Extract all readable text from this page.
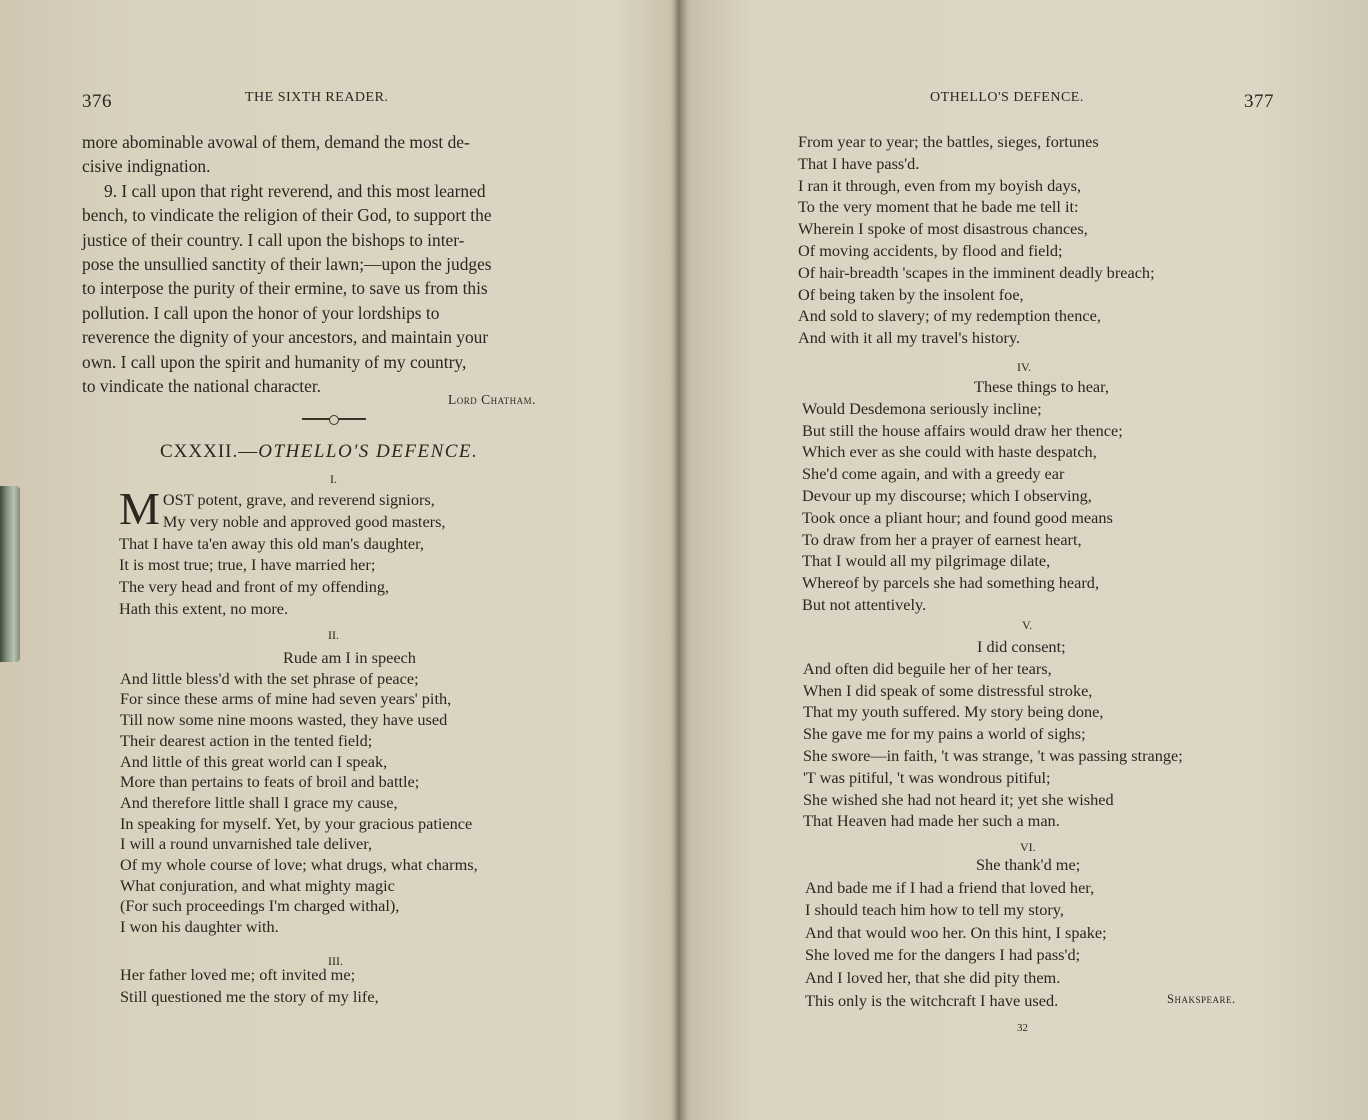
376	THE SIXTH READER.

more abominable avowal of them, demand the most de-

cisive indignation.

9. I call upon that right reverend, and this most learned

bench, to vindicate the religion of their God, to support the

justice of their country. I call upon the bishops to inter-

pose the unsullied sanctity of their lawn;—upon the judges

to interpose the purity of their ermine, to save us from this

pollution. I call upon the honor of your lordships to

reverence the dignity of your ancestors, and maintain your

own. I call upon the spirit and humanity of my country,

to vindicate the national character.

Lord Chatham.
CXXXII.—OTHELLO'S DEFENCE.
I.
M OST potent, grave, and reverend signiors,
My very noble and approved good masters,
That I have ta'en away this old man's daughter,
It is most true; true, I have married her;
The very head and front of my offending,
Hath this extent, no more.
II.
Rude am I in speech
And little bless'd with the set phrase of peace;
For since these arms of mine had seven years' pith,
Till now some nine moons wasted, they have used
Their dearest action in the tented field;
And little of this great world can I speak,
More than pertains to feats of broil and battle;
And therefore little shall I grace my cause,
In speaking for myself. Yet, by your gracious patience
I will a round unvarnished tale deliver,
Of my whole course of love; what drugs, what charms,
What conjuration, and what mighty magic
(For such proceedings I'm charged withal),
I won his daughter with.
III.
Her father loved me; oft invited me;
Still questioned me the story of my life,
OTHELLO'S DEFENCE.	377
From year to year; the battles, sieges, fortunes
That I have pass'd.
I ran it through, even from my boyish days,
To the very moment that he bade me tell it:
Wherein I spoke of most disastrous chances,
Of moving accidents, by flood and field;
Of hair-breadth 'scapes in the imminent deadly breach;
Of being taken by the insolent foe,
And sold to slavery; of my redemption thence,
And with it all my travel's history.
IV.
These things to hear,
Would Desdemona seriously incline;
But still the house affairs would draw her thence;
Which ever as she could with haste despatch,
She'd come again, and with a greedy ear
Devour up my discourse; which I observing,
Took once a pliant hour; and found good means
To draw from her a prayer of earnest heart,
That I would all my pilgrimage dilate,
Whereof by parcels she had something heard,
But not attentively.
V.
I did consent;
And often did beguile her of her tears,
When I did speak of some distressful stroke,
That my youth suffered. My story being done,
She gave me for my pains a world of sighs;
She swore—in faith, 't was strange, 't was passing strange;
'T was pitiful, 't was wondrous pitiful;
She wished she had not heard it; yet she wished
That Heaven had made her such a man.
VI.
She thank'd me;
And bade me if I had a friend that loved her,
I should teach him how to tell my story,
And that would woo her. On this hint, I spake;
She loved me for the dangers I had pass'd;
And I loved her, that she did pity them.
This only is the witchcraft I have used.	Shakspeare.
32
